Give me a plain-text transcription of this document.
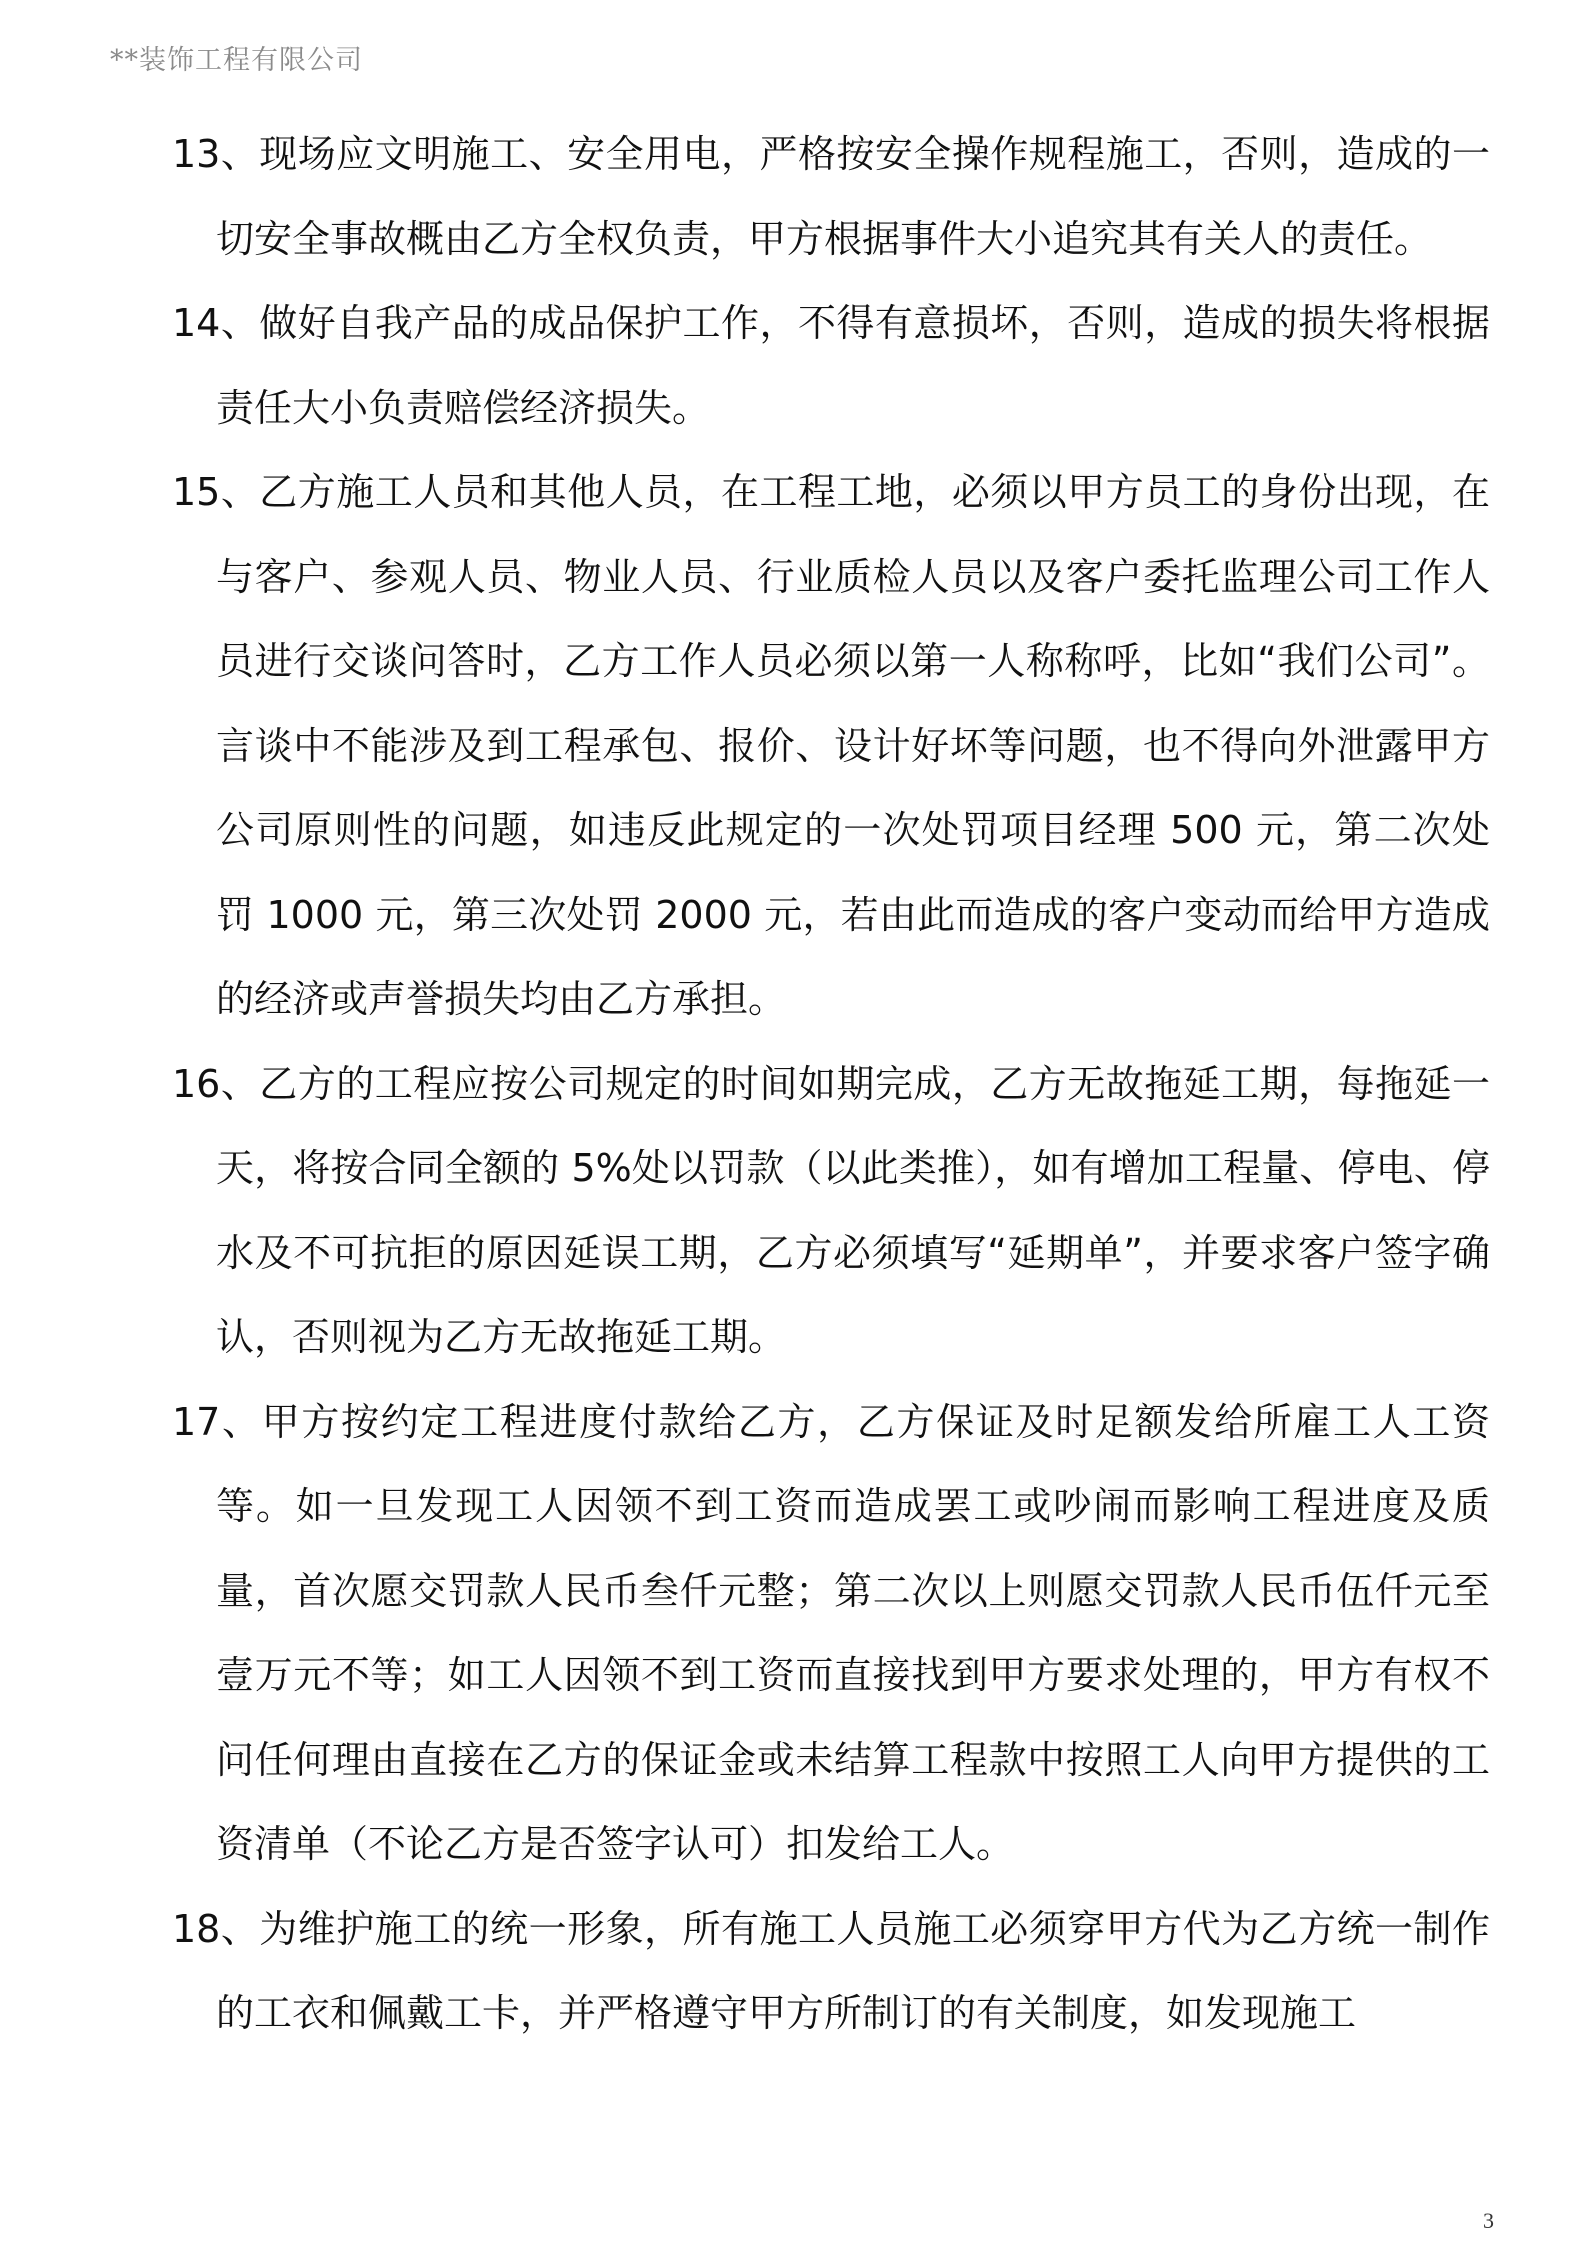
**装饰工程有限公司

13、现场应文明施工、安全用电，严格按安全操作规程施工，否则，造成的一切安全事故概由乙方全权负责，甲方根据事件大小追究其有关人的责任。

14、做好自我产品的成品保护工作，不得有意损坏，否则，造成的损失将根据责任大小负责赔偿经济损失。

15、乙方施工人员和其他人员，在工程工地，必须以甲方员工的身份出现，在与客户、参观人员、物业人员、行业质检人员以及客户委托监理公司工作人员进行交谈问答时，乙方工作人员必须以第一人称称呼，比如“我们公司”。言谈中不能涉及到工程承包、报价、设计好坏等问题，也不得向外泄露甲方公司原则性的问题，如违反此规定的一次处罚项目经理 500 元，第二次处罚 1000 元，第三次处罚 2000 元，若由此而造成的客户变动而给甲方造成的经济或声誉损失均由乙方承担。

16、乙方的工程应按公司规定的时间如期完成，乙方无故拖延工期，每拖延一天，将按合同全额的 5%处以罚款（以此类推），如有增加工程量、停电、停水及不可抗拒的原因延误工期，乙方必须填写“延期单”，并要求客户签字确认，否则视为乙方无故拖延工期。

17、甲方按约定工程进度付款给乙方，乙方保证及时足额发给所雇工人工资等。如一旦发现工人因领不到工资而造成罢工或吵闹而影响工程进度及质量，首次愿交罚款人民币叁仟元整；第二次以上则愿交罚款人民币伍仟元至壹万元不等；如工人因领不到工资而直接找到甲方要求处理的，甲方有权不问任何理由直接在乙方的保证金或未结算工程款中按照工人向甲方提供的工资清单（不论乙方是否签字认可）扣发给工人。

18、为维护施工的统一形象，所有施工人员施工必须穿甲方代为乙方统一制作的工衣和佩戴工卡，并严格遵守甲方所制订的有关制度，如发现施工

3
